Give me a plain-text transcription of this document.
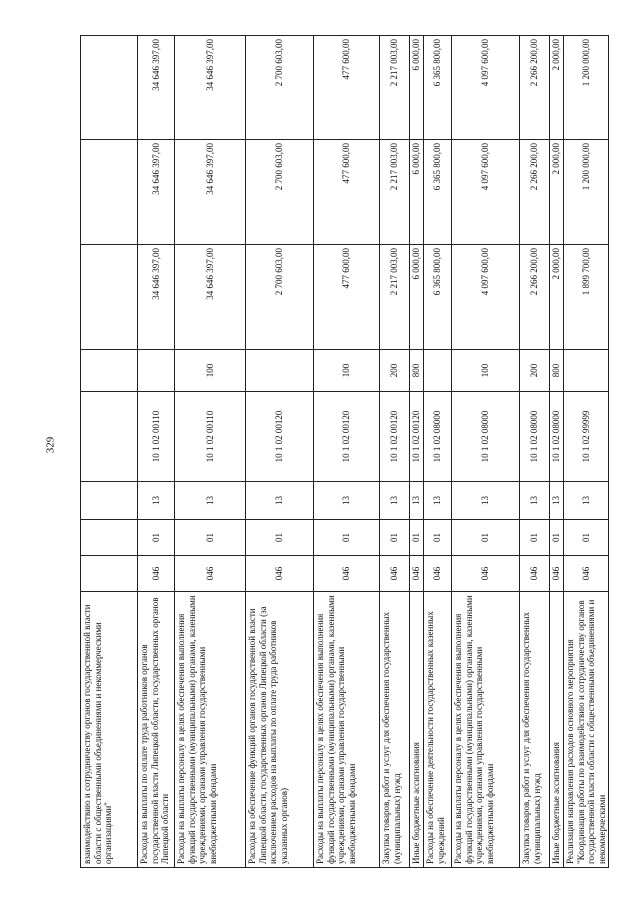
329
взаимодействию и сотрудничеству органов государственной власти области с общественными объединениями и некоммерческими организациями"								
Расходы на выплаты по оплате труда работников органов государственной власти Липецкой области, государственных органов Липецкой области	046	01	13	10 1 02 00110		34 646 397,00	34 646 397,00	34 646 397,00
Расходы на выплаты персоналу в целях обеспечения выполнения функций государственными (муниципальными) органами, казенными учреждениями, органами управления государственными внебюджетными фондами	046	01	13	10 1 02 00110	100	34 646 397,00	34 646 397,00	34 646 397,00
Расходы на обеспечение функций органов государственной власти Липецкой области, государственных органов Липецкой области (за исключением расходов на выплаты по оплате труда работников указанных органов)	046	01	13	10 1 02 00120		2 700 603,00	2 700 603,00	2 700 603,00
Расходы на выплаты персоналу в целях обеспечения выполнения функций государственными (муниципальными) органами, казенными учреждениями, органами управления государственными внебюджетными фондами	046	01	13	10 1 02 00120	100	477 600,00	477 600,00	477 600,00
Закупка товаров, работ и услуг для обеспечения государственных (муниципальных) нужд	046	01	13	10 1 02 00120	200	2 217 003,00	2 217 003,00	2 217 003,00
Иные бюджетные ассигнования	046	01	13	10 1 02 00120	800	6 000,00	6 000,00	6 000,00
Расходы на обеспечение деятельности государственных казенных учреждений	046	01	13	10 1 02 08000		6 365 800,00	6 365 800,00	6 365 800,00
Расходы на выплаты персоналу в целях обеспечения выполнения функций государственными (муниципальными) органами, казенными учреждениями, органами управления государственными внебюджетными фондами	046	01	13	10 1 02 08000	100	4 097 600,00	4 097 600,00	4 097 600,00
Закупка товаров, работ и услуг для обеспечения государственных (муниципальных) нужд	046	01	13	10 1 02 08000	200	2 266 200,00	2 266 200,00	2 266 200,00
Иные бюджетные ассигнования	046	01	13	10 1 02 08000	800	2 000,00	2 000,00	2 000,00
Реализация направления расходов основного мероприятия "Координация работы по взаимодействию и сотрудничеству органов государственной власти области с общественными объединениями и некоммерческими	046	01	13	10 1 02 99999		1 899 700,00	1 200 000,00	1 200 000,00
